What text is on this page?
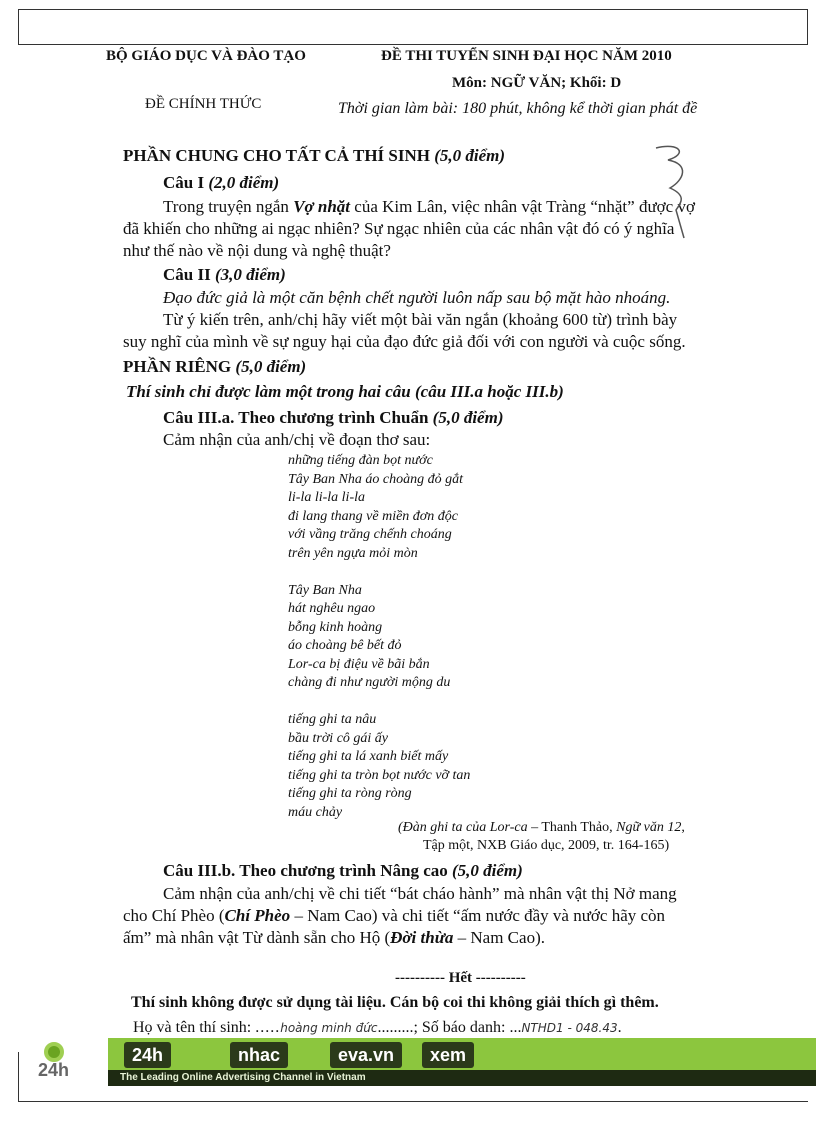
BỘ GIÁO DỤC VÀ ĐÀO TẠO
ĐỀ CHÍNH THỨC
ĐỀ THI TUYỂN SINH ĐẠI HỌC NĂM 2010
Môn: NGỮ VĂN; Khối: D
Thời gian làm bài: 180 phút, không kể thời gian phát đề
PHẦN CHUNG CHO TẤT CẢ THÍ SINH (5,0 điểm)
Câu I (2,0 điểm)
Trong truyện ngắn Vợ nhặt của Kim Lân, việc nhân vật Tràng “nhặt” được vợ
đã khiến cho những ai ngạc nhiên? Sự ngạc nhiên của các nhân vật đó có ý nghĩa
như thế nào về nội dung và nghệ thuật?
Câu II (3,0 điểm)
Đạo đức giả là một căn bệnh chết người luôn nấp sau bộ mặt hào nhoáng.
Từ ý kiến trên, anh/chị hãy viết một bài văn ngắn (khoảng 600 từ) trình bày
suy nghĩ của mình về sự nguy hại của đạo đức giả đối với con người và cuộc sống.
PHẦN RIÊNG (5,0 điểm)
Thí sinh chỉ được làm một trong hai câu (câu III.a hoặc III.b)
Câu III.a. Theo chương trình Chuẩn (5,0 điểm)
Cảm nhận của anh/chị về đoạn thơ sau:
những tiếng đàn bọt nước
Tây Ban Nha áo choàng đỏ gắt
li-la li-la li-la
đi lang thang về miền đơn độc
với vầng trăng chếnh choáng
trên yên ngựa mỏi mòn
Tây Ban Nha
hát nghêu ngao
bỗng kinh hoàng
áo choàng bê bết đỏ
Lor-ca bị điệu về bãi bắn
chàng đi như người mộng du
tiếng ghi ta nâu
bầu trời cô gái ấy
tiếng ghi ta lá xanh biết mấy
tiếng ghi ta tròn bọt nước vỡ tan
tiếng ghi ta ròng ròng
máu chảy
(Đàn ghi ta của Lor-ca – Thanh Thảo, Ngữ văn 12,
Tập một, NXB Giáo dục, 2009, tr. 164-165)
Câu III.b. Theo chương trình Nâng cao (5,0 điểm)
Cảm nhận của anh/chị về chi tiết “bát cháo hành” mà nhân vật thị Nở mang
cho Chí Phèo (Chí Phèo – Nam Cao) và chi tiết “ấm nước đầy và nước hãy còn
ấm” mà nhân vật Từ dành sẵn cho Hộ (Đời thừa – Nam Cao).
---------- Hết ----------
Thí sinh không được sử dụng tài liệu. Cán bộ coi thi không giải thích gì thêm.
Họ và tên thí sinh: .....hoàng minh đức.........; Số báo danh: ...NTHD1 - 048.43.
24h
24h	nhac	eva.vn	xem
The Leading Online Advertising Channel in Vietnam
